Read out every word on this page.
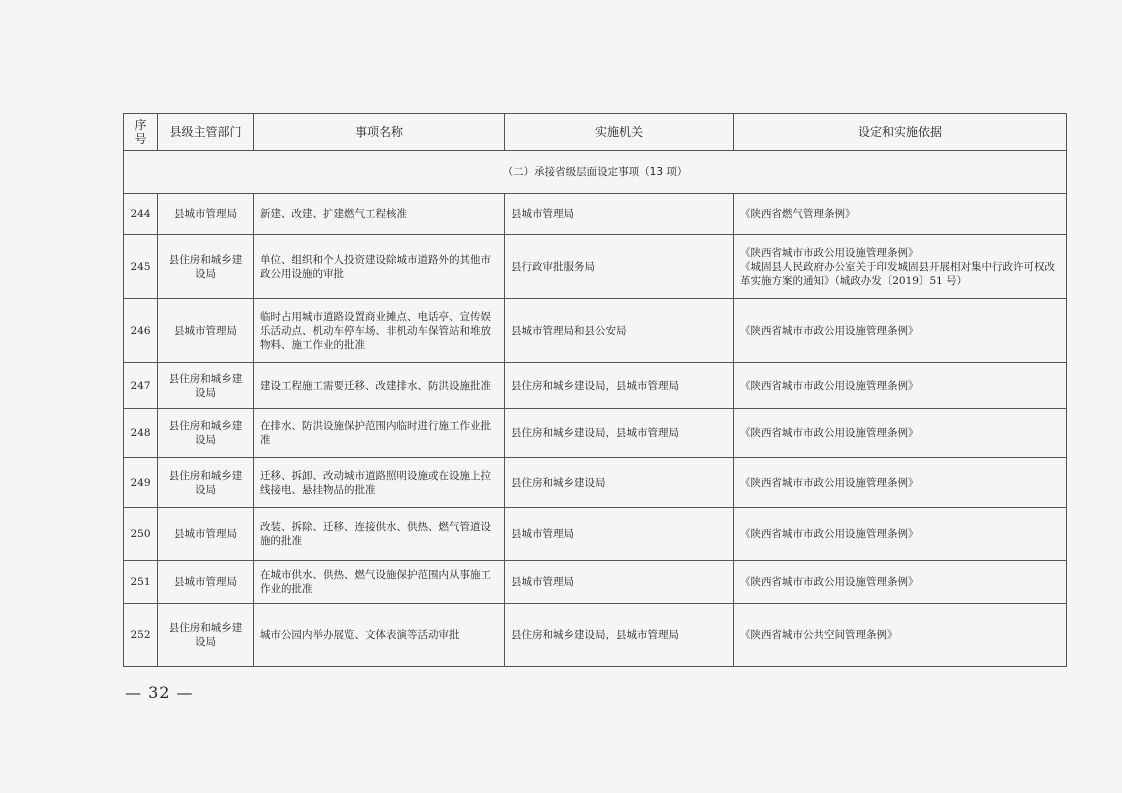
序号	县级主管部门	事项名称	实施机关	设定和实施依据
（二）承接省级层面设定事项（13 项）				
244	县城市管理局	新建、改建、扩建燃气工程核准	县城市管理局	《陕西省燃气管理条例》

245	县住房和城乡建设局	单位、组织和个人投资建设除城市道路外的其他市政公用设施的审批	县行政审批服务局	《陕西省城市市政公用设施管理条例》
《城固县人民政府办公室关于印发城固县开展相对集中行政许可权改革实施方案的通知》（城政办发〔2019〕51 号）

246	县城市管理局	临时占用城市道路设置商业摊点、电话亭、宣传娱乐活动点、机动车停车场、非机动车保管站和堆放物料、施工作业的批准	县城市管理局和县公安局	《陕西省城市市政公用设施管理条例》

247	县住房和城乡建设局	建设工程施工需要迁移、改建排水、防洪设施批准	县住房和城乡建设局，县城市管理局	《陕西省城市市政公用设施管理条例》

248	县住房和城乡建设局	在排水、防洪设施保护范围内临时进行施工作业批准	县住房和城乡建设局，县城市管理局	《陕西省城市市政公用设施管理条例》

249	县住房和城乡建设局	迁移、拆卸、改动城市道路照明设施或在设施上拉线接电、悬挂物品的批准	县住房和城乡建设局	《陕西省城市市政公用设施管理条例》

250	县城市管理局	改装、拆除、迁移、连接供水、供热、燃气管道设施的批准	县城市管理局	《陕西省城市市政公用设施管理条例》

251	县城市管理局	在城市供水、供热、燃气设施保护范围内从事施工作业的批准	县城市管理局	《陕西省城市市政公用设施管理条例》

252	县住房和城乡建设局	城市公园内举办展览、文体表演等活动审批	县住房和城乡建设局，县城市管理局	《陕西省城市公共空间管理条例》
— 32 —
